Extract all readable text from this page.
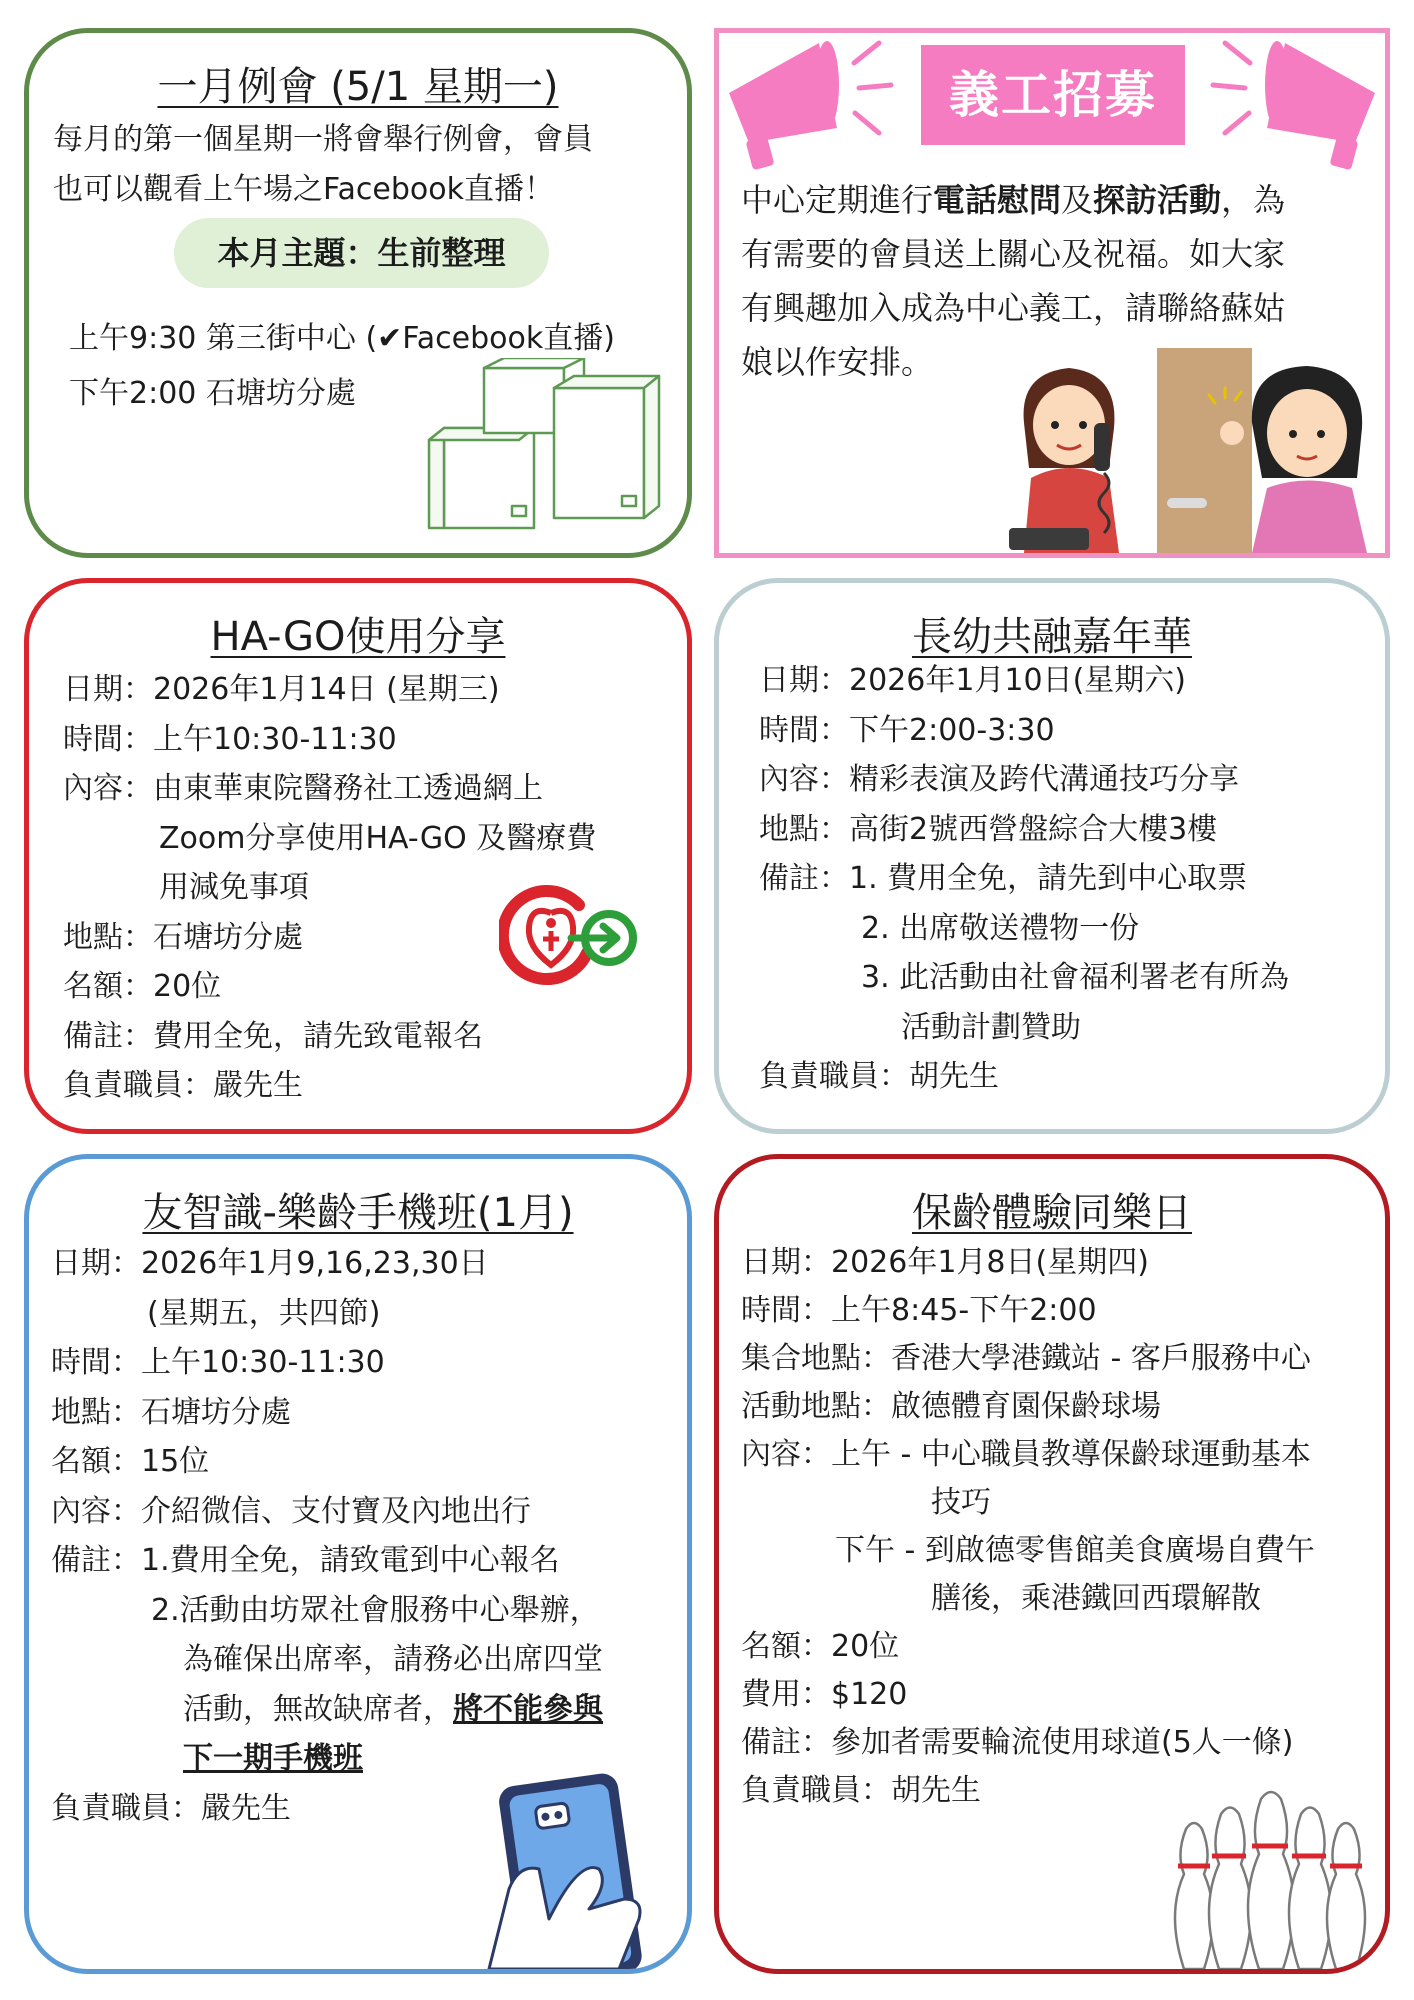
一月例會 (5/1 星期一)
每月的第一個星期一將會舉行例會，會員
也可以觀看上午場之Facebook直播！
本月主題：生前整理
上午9:30 第三街中心 (✔Facebook直播)
下午2:00 石塘坊分處
義工招募
中心定期進行電話慰問及探訪活動，為
有需要的會員送上關心及祝福。如大家
有興趣加入成為中心義工，請聯絡蘇姑
娘以作安排。
HA-GO使用分享
日期：2026年1月14日 (星期三)
時間：上午10:30-11:30
內容：由東華東院醫務社工透過網上
Zoom分享使用HA-GO 及醫療費
用減免事項
地點：石塘坊分處
名額：20位
備註：費用全免，請先致電報名
負責職員：嚴先生
長幼共融嘉年華
日期：2026年1月10日(星期六)
時間：下午2:00-3:30
內容：精彩表演及跨代溝通技巧分享
地點：高街2號西營盤綜合大樓3樓
備註：1. 費用全免，請先到中心取票
2. 出席敬送禮物一份
3. 此活動由社會福利署老有所為
活動計劃贊助
負責職員：胡先生
友智識-樂齡手機班(1月)
日期：2026年1月9,16,23,30日
(星期五，共四節)
時間：上午10:30-11:30
地點：石塘坊分處
名額：15位
內容：介紹微信、支付寶及內地出行
備註：1.費用全免，請致電到中心報名
2.活動由坊眾社會服務中心舉辦，
為確保出席率，請務必出席四堂
活動，無故缺席者，將不能參與
下一期手機班
負責職員：嚴先生
保齡體驗同樂日
日期：2026年1月8日(星期四)
時間：上午8:45-下午2:00
集合地點：香港大學港鐵站 - 客戶服務中心
活動地點：啟德體育園保齡球場
內容：上午 - 中心職員教導保齡球運動基本
技巧
下午 - 到啟德零售館美食廣場自費午
膳後，乘港鐵回西環解散
名額：20位
費用：$120
備註：參加者需要輪流使用球道(5人一條)
負責職員：胡先生
